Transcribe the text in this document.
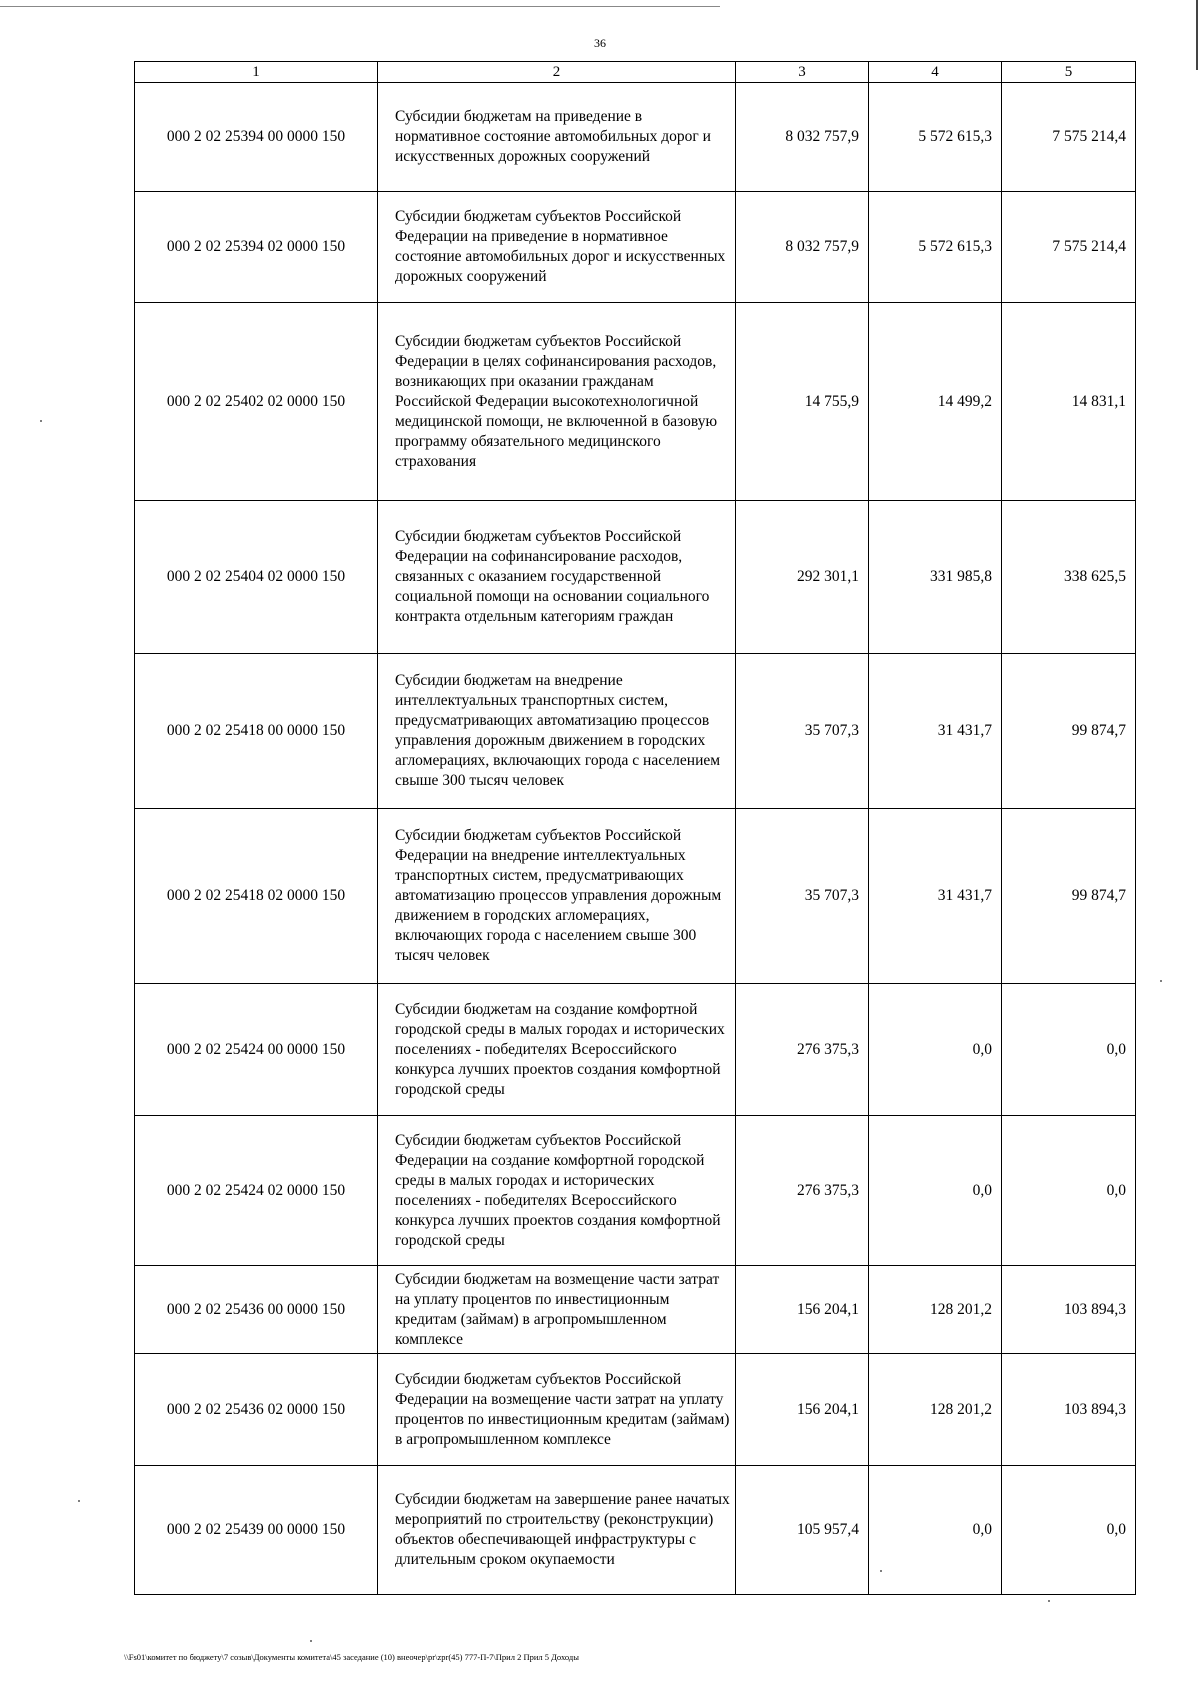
36
1	2	3	4	5
000 2 02 25394 00 0000 150	Субсидии бюджетам на приведение в нормативное состояние автомобильных дорог и искусственных дорожных сооружений	8 032 757,9	5 572 615,3	7 575 214,4
000 2 02 25394 02 0000 150	Субсидии бюджетам субъектов Российской Федерации на приведение в нормативное состояние автомобильных дорог и искусственных дорожных сооружений	8 032 757,9	5 572 615,3	7 575 214,4
000 2 02 25402 02 0000 150	Субсидии бюджетам субъектов Российской Федерации в целях софинансирования расходов, возникающих при оказании гражданам Российской Федерации высокотехнологичной медицинской помощи, не включенной в базовую программу обязательного медицинского страхования	14 755,9	14 499,2	14 831,1
000 2 02 25404 02 0000 150	Субсидии бюджетам субъектов Российской Федерации на софинансирование расходов, связанных с оказанием государственной социальной помощи на основании социального контракта отдельным категориям граждан	292 301,1	331 985,8	338 625,5
000 2 02 25418 00 0000 150	Субсидии бюджетам на внедрение интеллектуальных транспортных систем, предусматривающих автоматизацию процессов управления дорожным движением в городских агломерациях, включающих города с населением свыше 300 тысяч человек	35 707,3	31 431,7	99 874,7
000 2 02 25418 02 0000 150	Субсидии бюджетам субъектов Российской Федерации на внедрение интеллектуальных транспортных систем, предусматривающих автоматизацию процессов управления дорожным движением в городских агломерациях, включающих города с населением свыше 300 тысяч человек	35 707,3	31 431,7	99 874,7
000 2 02 25424 00 0000 150	Субсидии бюджетам на создание комфортной городской среды в малых городах и исторических поселениях - победителях Всероссийского конкурса лучших проектов создания комфортной городской среды	276 375,3	0,0	0,0
000 2 02 25424 02 0000 150	Субсидии бюджетам субъектов Российской Федерации на создание комфортной городской среды в малых городах и исторических поселениях - победителях Всероссийского конкурса лучших проектов создания комфортной городской среды	276 375,3	0,0	0,0
000 2 02 25436 00 0000 150	Субсидии бюджетам на возмещение части затрат на уплату процентов по инвестиционным кредитам (займам) в агропромышленном комплексе	156 204,1	128 201,2	103 894,3
000 2 02 25436 02 0000 150	Субсидии бюджетам субъектов Российской Федерации на возмещение части затрат на уплату процентов по инвестиционным кредитам (займам) в агропромышленном комплексе	156 204,1	128 201,2	103 894,3
000 2 02 25439 00 0000 150	Субсидии бюджетам на завершение ранее начатых мероприятий по строительству (реконструкции) объектов обеспечивающей инфраструктуры с длительным сроком окупаемости	105 957,4	0,0	0,0
\\Fs01\комитет по бюджету\7 созыв\Документы комитета\45 заседание (10) внеочер\pr\zpr(45) 777-П-7\Прил 2 Прил 5 Доходы
